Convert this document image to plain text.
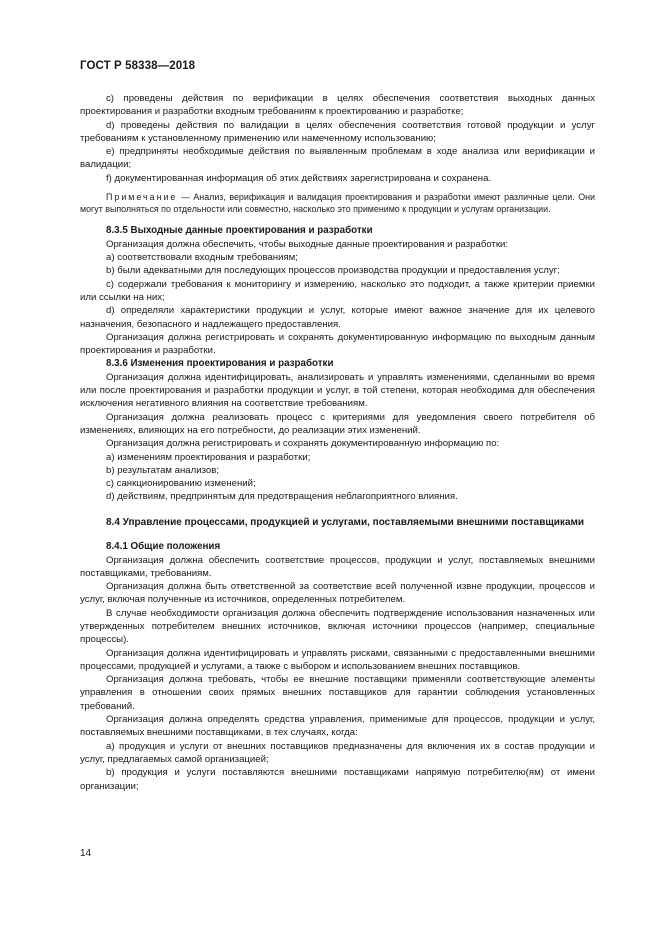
ГОСТ Р 58338—2018

с) проведены действия по верификации в целях обеспечения соответствия выходных данных проектирования и разработки входным требованиям к проектированию и разработке;

d) проведены действия по валидации в целях обеспечения соответствия готовой продукции и услуг требованиям к установленному применению или намеченному использованию;

е) предприняты необходимые действия по выявленным проблемам в ходе анализа или верификации и валидации;

f) документированная информация об этих действиях зарегистрирована и сохранена.

Примечание — Анализ, верификация и валидация проектирования и разработки имеют различные цели. Они могут выполняться по отдельности или совместно, насколько это применимо к продукции и услугам организации.

8.3.5 Выходные данные проектирования и разработки

Организация должна обеспечить, чтобы выходные данные проектирования и разработки:

а) соответствовали входным требованиям;

b) были адекватными для последующих процессов производства продукции и предоставления услуг;

с) содержали требования к мониторингу и измерению, насколько это подходит, а также критерии приемки или ссылки на них;

d) определяли характеристики продукции и услуг, которые имеют важное значение для их целевого назначения, безопасного и надлежащего предоставления.

Организация должна регистрировать и сохранять документированную информацию по выходным данным проектирования и разработки.

8.3.6 Изменения проектирования и разработки

Организация должна идентифицировать, анализировать и управлять изменениями, сделанными во время или после проектирования и разработки продукции и услуг, в той степени, которая необходима для обеспечения исключения негативного влияния на соответствие требованиям.

Организация должна реализовать процесс с критериями для уведомления своего потребителя об изменениях, влияющих на его потребности, до реализации этих изменений.

Организация должна регистрировать и сохранять документированную информацию по:

а) изменениям проектирования и разработки;

b) результатам анализов;

с) санкционированию изменений;

d) действиям, предпринятым для предотвращения неблагоприятного влияния.

8.4 Управление процессами, продукцией и услугами, поставляемыми внешними поставщиками
8.4.1 Общие положения

Организация должна обеспечить соответствие процессов, продукции и услуг, поставляемых внешними поставщиками, требованиям.

Организация должна быть ответственной за соответствие всей полученной извне продукции, процессов и услуг, включая полученные из источников, определенных потребителем.

В случае необходимости организация должна обеспечить подтверждение использования назначенных или утвержденных потребителем внешних источников, включая источники процессов (например, специальные процессы).

Организация должна идентифицировать и управлять рисками, связанными с предоставленными внешними процессами, продукцией и услугами, а также с выбором и использованием внешних поставщиков.

Организация должна требовать, чтобы ее внешние поставщики применяли соответствующие элементы управления в отношении своих прямых внешних поставщиков для гарантии соблюдения установленных требований.

Организация должна определять средства управления, применимые для процессов, продукции и услуг, поставляемых внешними поставщиками, в тех случаях, когда:

а) продукция и услуги от внешних поставщиков предназначены для включения их в состав продукции и услуг, предлагаемых самой организацией;

b) продукция и услуги поставляются внешними поставщиками напрямую потребителю(ям) от имени организации;

14
